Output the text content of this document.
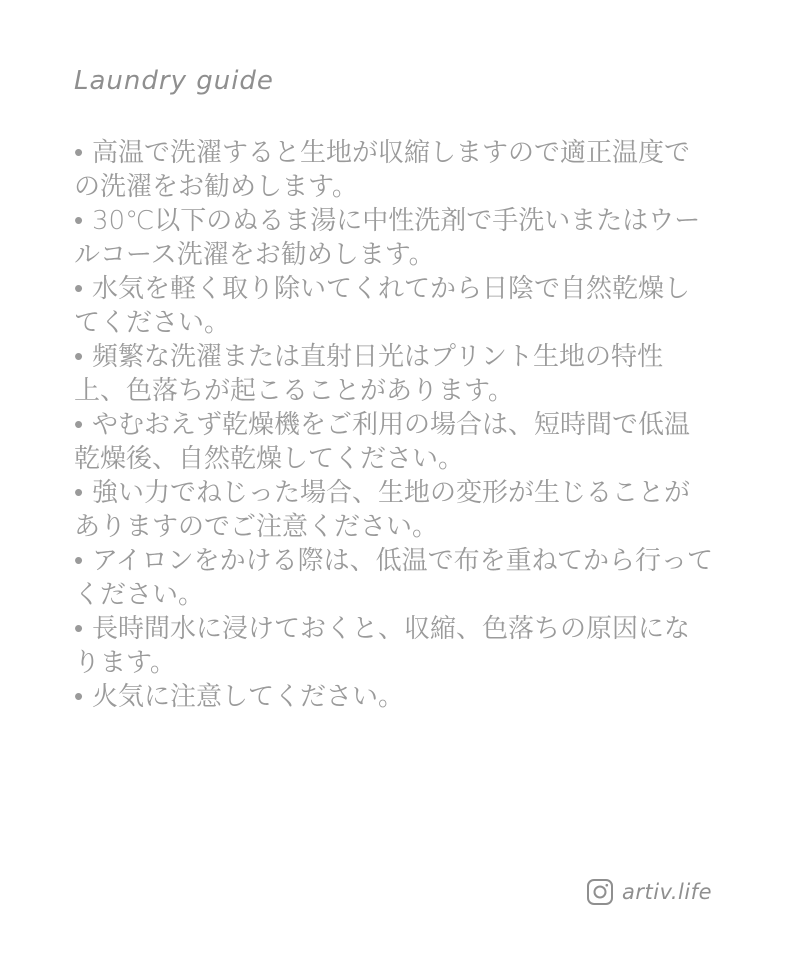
Laundry guide
• 高温で洗濯すると生地が収縮しますので適正温度での洗濯をお勧めします。
• 30℃以下のぬるま湯に中性洗剤で手洗いまたはウールコース洗濯をお勧めします。
• 水気を軽く取り除いてくれてから日陰で自然乾燥してください。
• 頻繁な洗濯または直射日光はプリント生地の特性上、色落ちが起こることがあります。
• やむおえず乾燥機をご利用の場合は、短時間で低温乾燥後、自然乾燥してください。
• 強い力でねじった場合、生地の変形が生じることがありますのでご注意ください。
• アイロンをかける際は、低温で布を重ねてから行ってください。
• 長時間水に浸けておくと、収縮、色落ちの原因になります。
• 火気に注意してください。
artiv.life
